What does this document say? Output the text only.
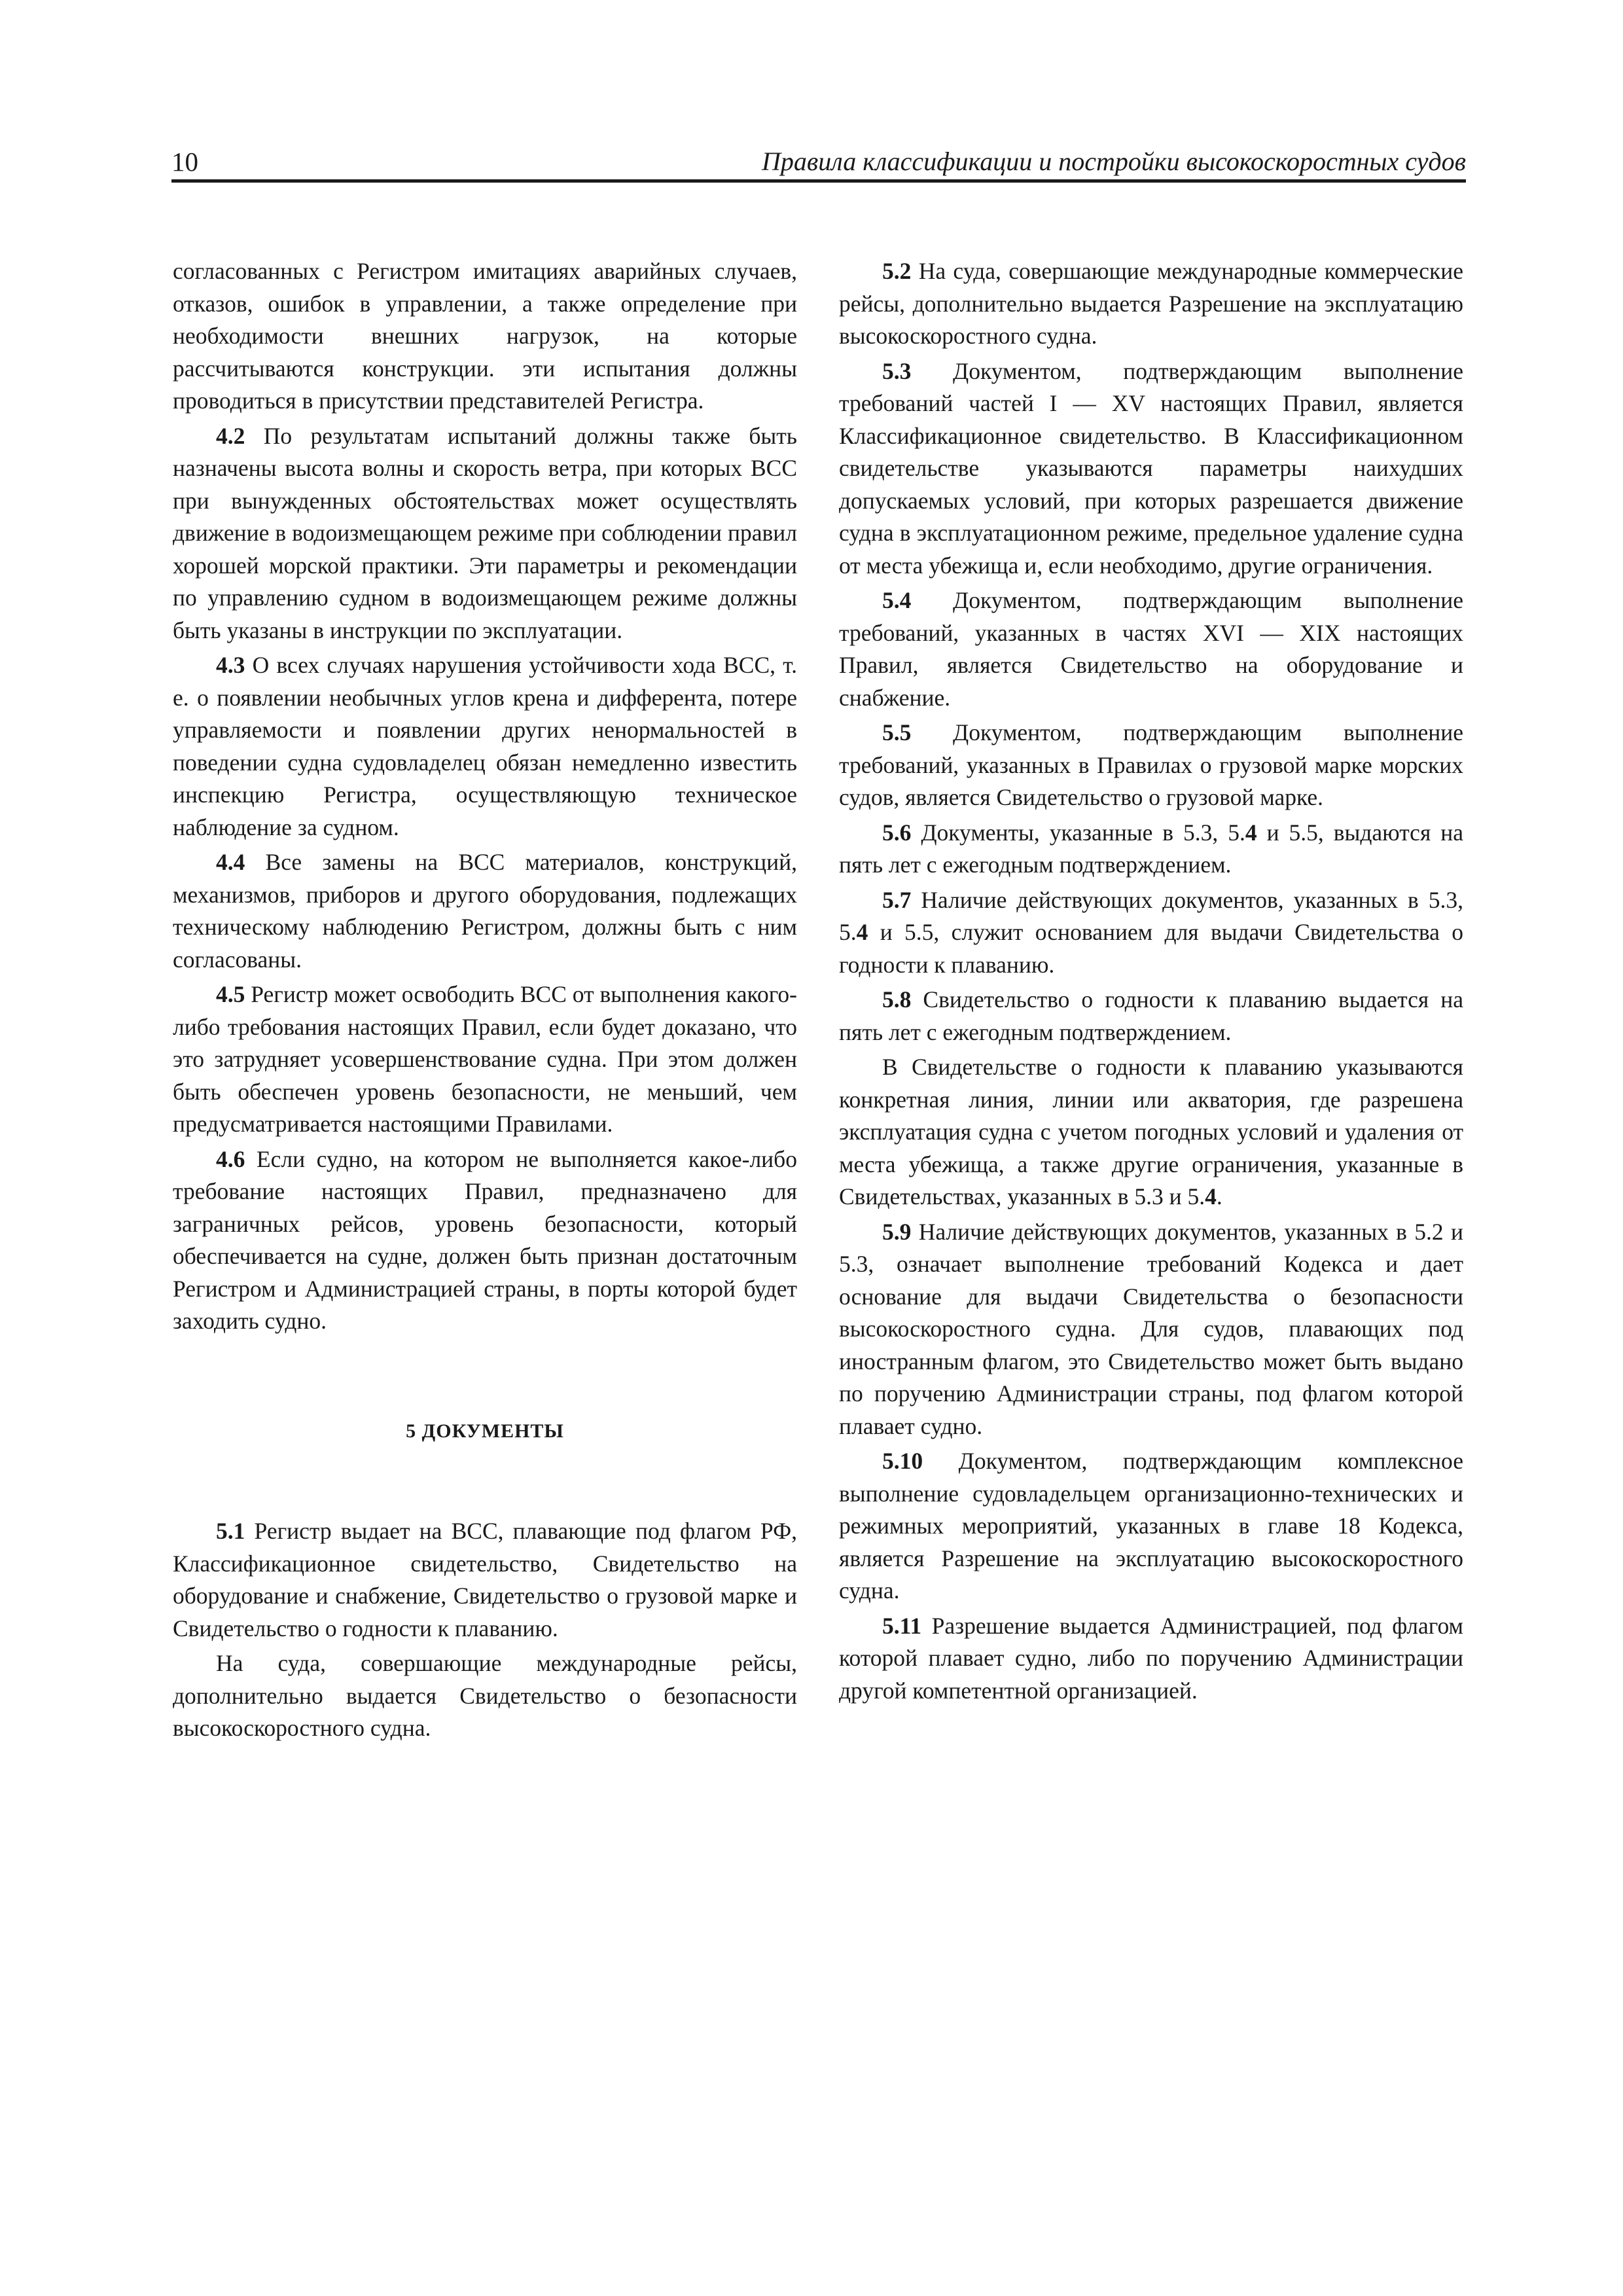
10	Правила классификации и постройки высокоскоростных судов

согласованных с Регистром имитациях аварийных случаев, отказов, ошибок в управлении, а также определение при необходимости внешних нагрузок, на которые рассчитываются конструкции. эти испытания должны проводиться в присутствии представителей Регистра.

4.2 По результатам испытаний должны также быть назначены высота волны и скорость ветра, при которых ВСС при вынужденных обстоятельствах может осуществлять движение в водоизмещающем режиме при соблюдении правил хорошей морской практики. Эти параметры и рекомендации по управлению судном в водоизмещающем режиме должны быть указаны в инструкции по эксплуатации.

4.3 О всех случаях нарушения устойчивости хода ВСС, т. е. о появлении необычных углов крена и дифферента, потере управляемости и появлении других ненормальностей в поведении судна судовладелец обязан немедленно известить инспекцию Регистра, осуществляющую техническое наблюдение за судном.

4.4 Все замены на ВСС материалов, конструкций, механизмов, приборов и другого оборудования, подлежащих техническому наблюдению Регистром, должны быть с ним согласованы.

4.5 Регистр может освободить ВСС от выполнения какого-либо требования настоящих Правил, если будет доказано, что это затрудняет усовершенствование судна. При этом должен быть обеспечен уровень безопасности, не меньший, чем предусматривается настоящими Правилами.

4.6 Если судно, на котором не выполняется какое-либо требование настоящих Правил, предназначено для заграничных рейсов, уровень безопасности, который обеспечивается на судне, должен быть признан достаточным Регистром и Администрацией страны, в порты которой будет заходить судно.

5 ДОКУМЕНТЫ

5.1 Регистр выдает на ВСС, плавающие под флагом РФ, Классификационное свидетельство, Свидетельство на оборудование и снабжение, Свидетельство о грузовой марке и Свидетельство о годности к плаванию.

На суда, совершающие международные рейсы, дополнительно выдается Свидетельство о безопасности высокоскоростного судна.

5.2 На суда, совершающие международные коммерческие рейсы, дополнительно выдается Разрешение на эксплуатацию высокоскоростного судна.

5.3 Документом, подтверждающим выполнение требований частей I — XV настоящих Правил, является Классификационное свидетельство. В Классификационном свидетельстве указываются параметры наихудших допускаемых условий, при которых разрешается движение судна в эксплуатационном режиме, предельное удаление судна от места убежища и, если необходимо, другие ограничения.

5.4 Документом, подтверждающим выполнение требований, указанных в частях XVI — XIX настоящих Правил, является Свидетельство на оборудование и снабжение.

5.5 Документом, подтверждающим выполнение требований, указанных в Правилах о грузовой марке морских судов, является Свидетельство о грузовой марке.

5.6 Документы, указанные в 5.3, 5.4 и 5.5, выдаются на пять лет с ежегодным подтверждением.

5.7 Наличие действующих документов, указанных в 5.3, 5.4 и 5.5, служит основанием для выдачи Свидетельства о годности к плаванию.

5.8 Свидетельство о годности к плаванию выдается на пять лет с ежегодным подтверждением.

В Свидетельстве о годности к плаванию указываются конкретная линия, линии или акватория, где разрешена эксплуатация судна с учетом погодных условий и удаления от места убежища, а также другие ограничения, указанные в Свидетельствах, указанных в 5.3 и 5.4.

5.9 Наличие действующих документов, указанных в 5.2 и 5.3, означает выполнение требований Кодекса и дает основание для выдачи Свидетельства о безопасности высокоскоростного судна. Для судов, плавающих под иностранным флагом, это Свидетельство может быть выдано по поручению Администрации страны, под флагом которой плавает судно.

5.10 Документом, подтверждающим комплексное выполнение судовладельцем организационно-технических и режимных мероприятий, указанных в главе 18 Кодекса, является Разрешение на эксплуатацию высокоскоростного судна.

5.11 Разрешение выдается Администрацией, под флагом которой плавает судно, либо по поручению Администрации другой компетентной организацией.
